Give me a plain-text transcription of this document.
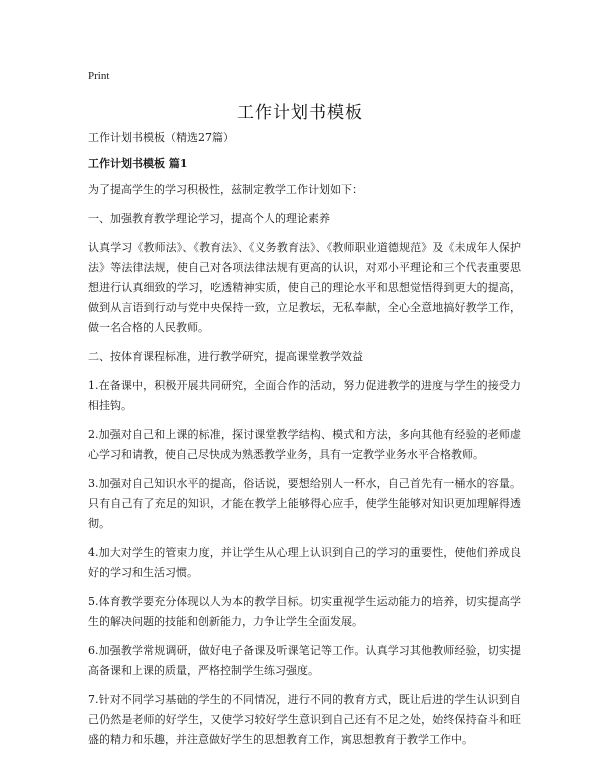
Print
工作计划书模板

工作计划书模板（精选27篇）

工作计划书模板 篇1

为了提高学生的学习积极性，兹制定教学工作计划如下：

一、加强教育教学理论学习，提高个人的理论素养

认真学习《教师法》、《教育法》、《义务教育法》、《教师职业道德规范》及《未成年人保护法》等法律法规，使自己对各项法律法规有更高的认识，对邓小平理论和三个代表重要思想进行认真细致的学习，吃透精神实质，使自己的理论水平和思想觉悟得到更大的提高，做到从言语到行动与党中央保持一致，立足教坛，无私奉献，全心全意地搞好教学工作，做一名合格的人民教师。

二、按体育课程标准，进行教学研究，提高课堂教学效益

1.在备课中，积极开展共同研究，全面合作的活动，努力促进教学的进度与学生的接受力相挂钩。

2.加强对自己和上课的标准，探讨课堂教学结构、模式和方法，多向其他有经验的老师虚心学习和请教，使自己尽快成为熟悉教学业务，具有一定教学业务水平合格教师。

3.加强对自己知识水平的提高，俗话说，要想给别人一杯水，自己首先有一桶水的容量。只有自己有了充足的知识，才能在教学上能够得心应手，使学生能够对知识更加理解得透彻。

4.加大对学生的管束力度，并让学生从心理上认识到自己的学习的重要性，使他们养成良好的学习和生活习惯。

5.体育教学要充分体现以人为本的教学目标。切实重视学生运动能力的培养，切实提高学生的解决问题的技能和创新能力，力争让学生全面发展。

6.加强教学常规调研，做好电子备课及听课笔记等工作。认真学习其他教师经验，切实提高备课和上课的质量，严格控制学生练习强度。

7.针对不同学习基础的学生的不同情况，进行不同的教育方式，既让后进的学生认识到自己仍然是老师的好学生，又使学习较好学生意识到自己还有不足之处，始终保持奋斗和旺盛的精力和乐趣，并注意做好学生的思想教育工作，寓思想教育于教学工作中。
